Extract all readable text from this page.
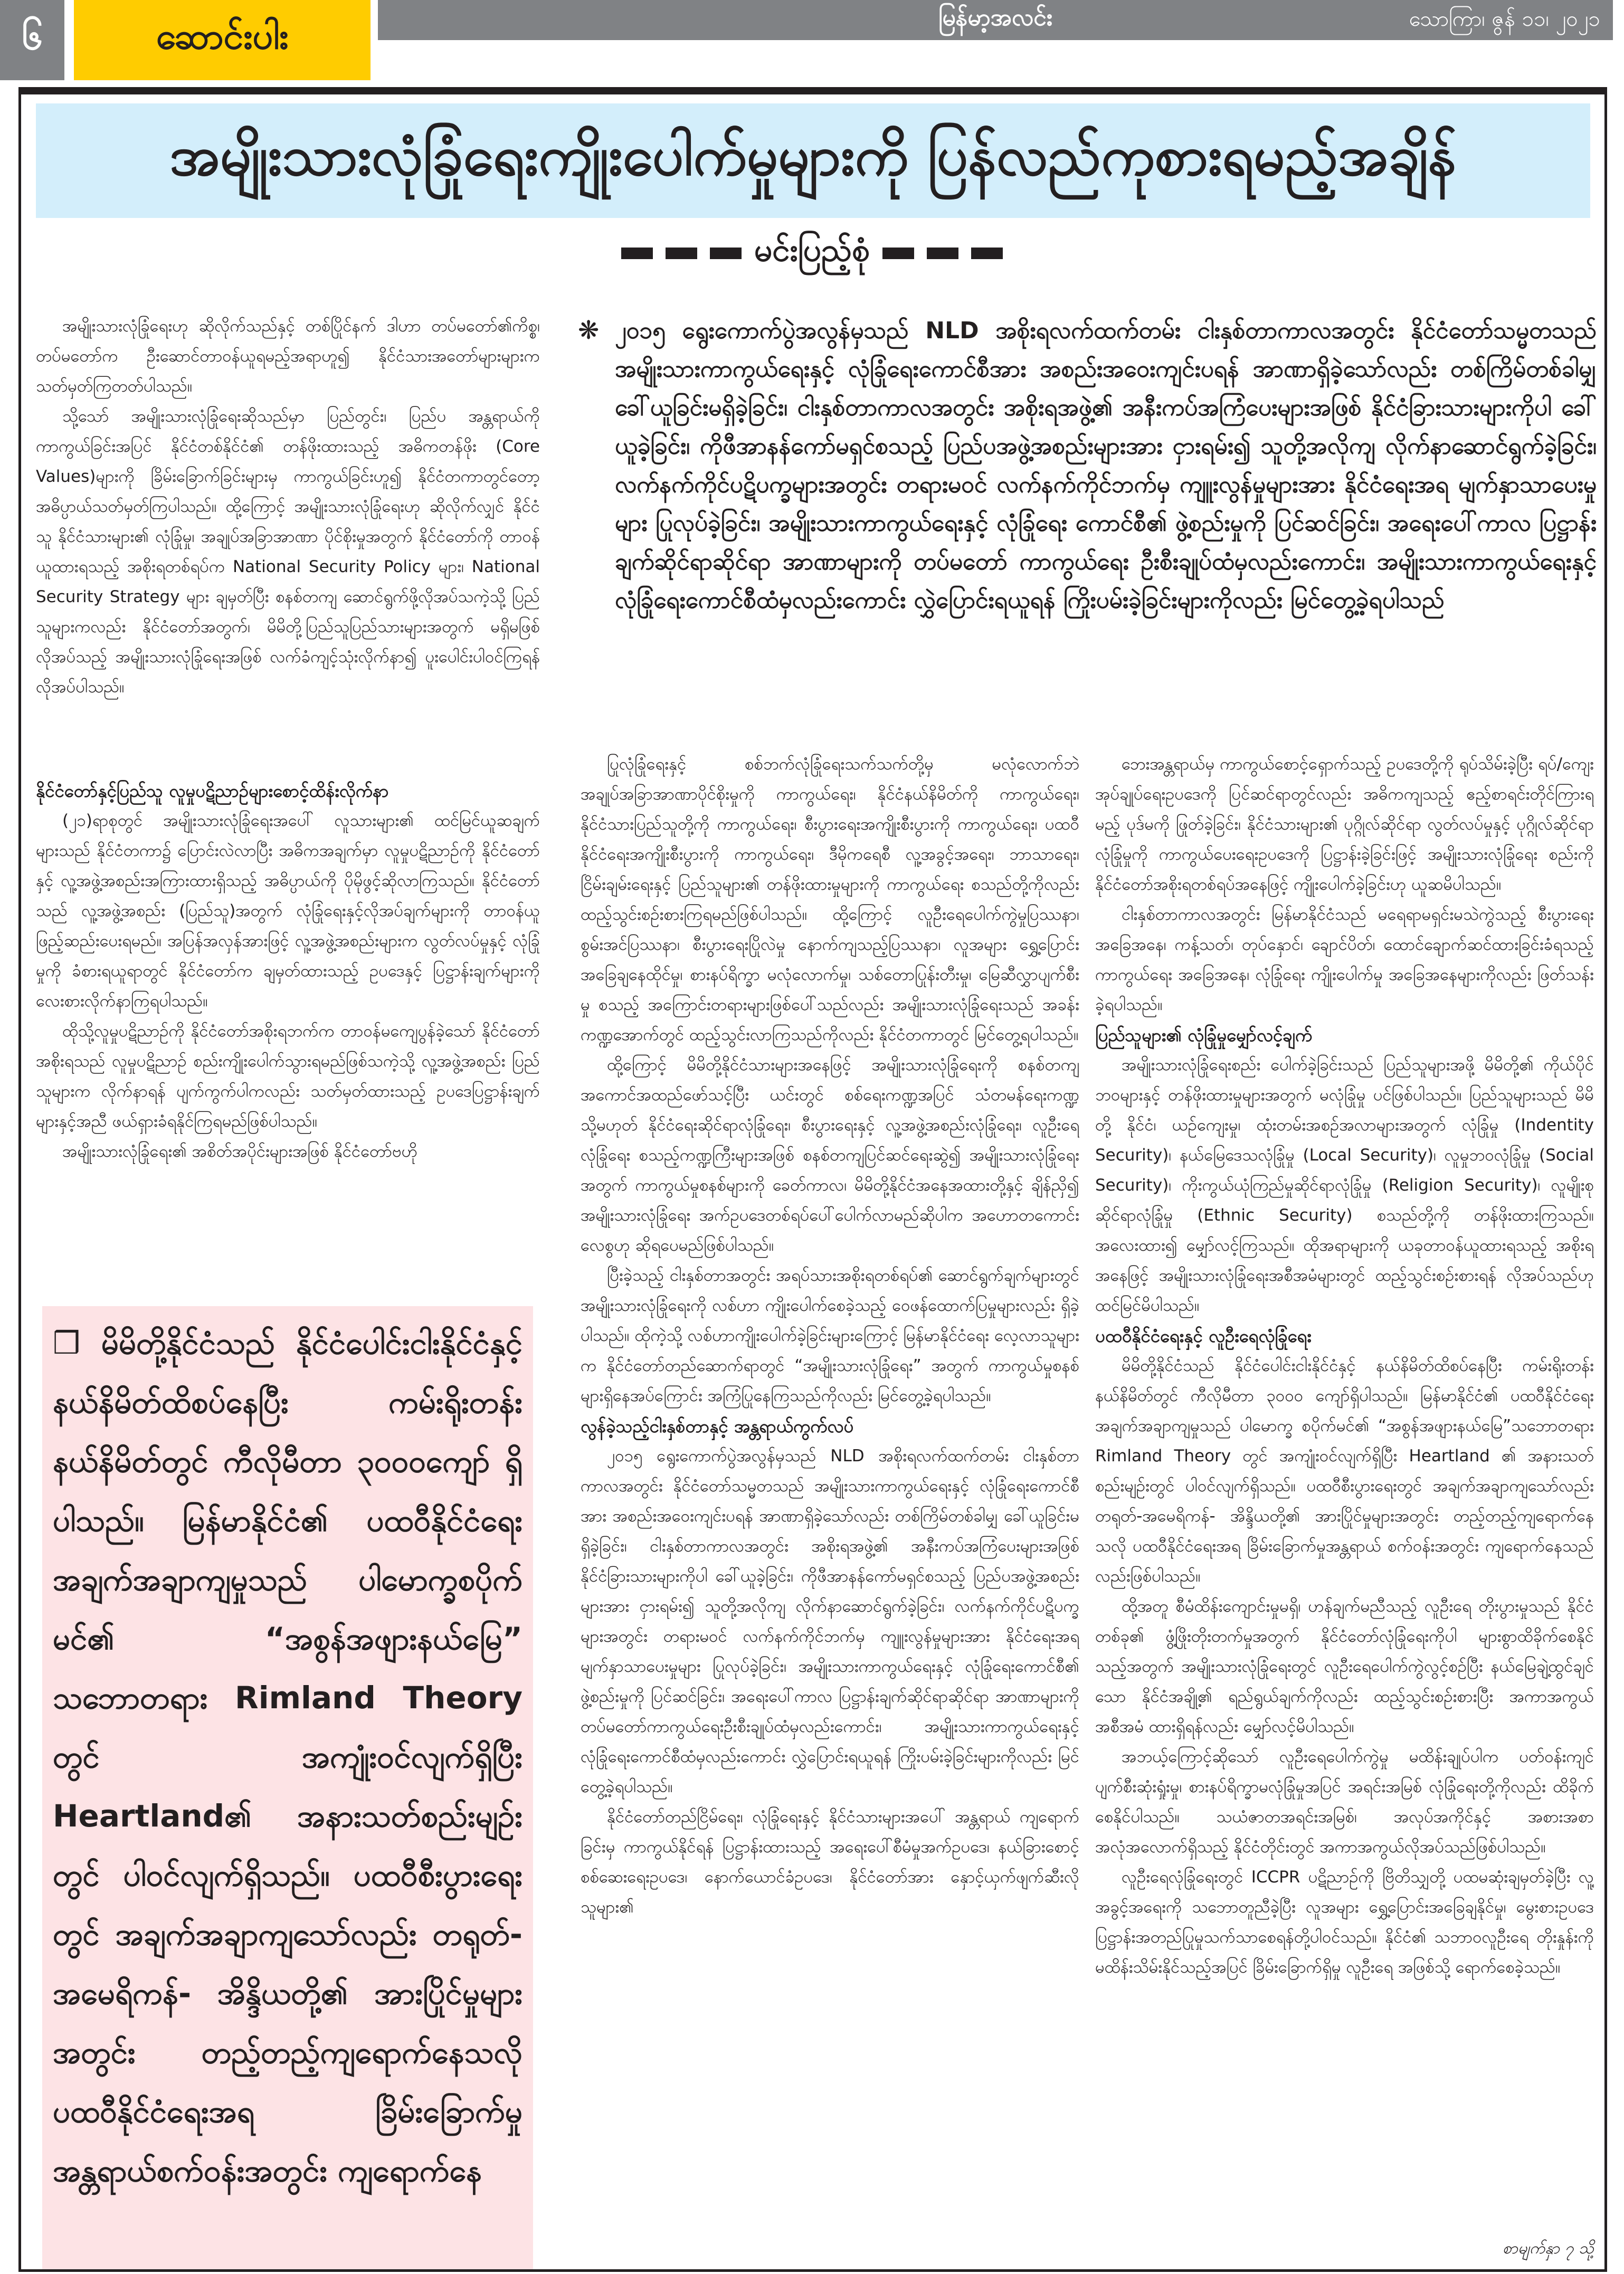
၆	ဆောင်းပါး	မြန်မာ့အလင်း	သောကြာ၊ ဇွန် ၁၁၊ ၂၀၂၁
အမျိုးသားလုံခြုံရေးကျိုးပေါက်မှုများကို ပြန်လည်ကုစားရမည့်အချိန်
မင်းပြည့်စုံ
❋ ၂၀၁၅ ရွေးကောက်ပွဲအလွန်မှသည် NLD အစိုးရလက်ထက်တမ်း ငါးနှစ်တာကာလအတွင်း နိုင်ငံတော်သမ္မတသည် အမျိုးသားကာကွယ်ရေးနှင့် လုံခြုံရေးကောင်စီအား အစည်းအဝေးကျင်းပရန် အာဏာရှိခဲ့သော်လည်း တစ်ကြိမ်တစ်ခါမျှ ခေါ်ယူခြင်းမရှိခဲ့ခြင်း၊ ငါးနှစ်တာကာလအတွင်း အစိုးရအဖွဲ့၏ အနီးကပ်အကြံပေးများအဖြစ် နိုင်ငံခြားသားများကိုပါ ခေါ်ယူခဲ့ခြင်း၊ ကိုဖီအာနန်ကော်မရှင်စသည့် ပြည်ပအဖွဲ့အစည်းများအား ငှားရမ်း၍ သူတို့အလိုကျ လိုက်နာဆောင်ရွက်ခဲ့ခြင်း၊ လက်နက်ကိုင်ပဋိပက္ခများအတွင်း တရားမဝင် လက်နက်ကိုင်ဘက်မှ ကျူးလွန်မှုများအား နိုင်ငံရေးအရ မျက်နှာသာပေးမှုများ ပြုလုပ်ခဲ့ခြင်း၊ အမျိုးသားကာကွယ်ရေးနှင့် လုံခြုံရေး ကောင်စီ၏ ဖွဲ့စည်းမှုကို ပြင်ဆင်ခြင်း၊ အရေးပေါ်ကာလ ပြဋ္ဌာန်းချက်ဆိုင်ရာဆိုင်ရာ အာဏာများကို တပ်မတော် ကာကွယ်ရေး ဦးစီးချုပ်ထံမှလည်းကောင်း၊ အမျိုးသားကာကွယ်ရေးနှင့် လုံခြုံရေးကောင်စီထံမှလည်းကောင်း လွှဲပြောင်းရယူရန် ကြိုးပမ်းခဲ့ခြင်းများကိုလည်း မြင်တွေ့ခဲ့ရပါသည်

အမျိုးသားလုံခြုံရေးဟု ဆိုလိုက်သည်နှင့် တစ်ပြိုင်နက် ဒါဟာ တပ်မတော်၏ကိစ္စ၊ တပ်မတော်က ဦးဆောင်တာဝန်ယူရမည့်အရာဟူ၍ နိုင်ငံသားအတော်များများက သတ်မှတ်ကြတတ်ပါသည်။

သို့သော် အမျိုးသားလုံခြုံရေးဆိုသည်မှာ ပြည်တွင်း၊ ပြည်ပ အန္တရာယ်ကို ကာကွယ်ခြင်းအပြင် နိုင်ငံတစ်နိုင်ငံ၏ တန်ဖိုးထားသည့် အဓိကတန်ဖိုး (Core Values)များကို ခြိမ်းခြောက်ခြင်းများမှ ကာကွယ်ခြင်းဟူ၍ နိုင်ငံတကာတွင်တော့ အဓိပ္ပာယ်သတ်မှတ်ကြပါသည်။ ထို့ကြောင့် အမျိုးသားလုံခြုံရေးဟု ဆိုလိုက်လျှင် နိုင်ငံသူ နိုင်ငံသားများ၏ လုံခြုံမှု၊ အချုပ်အခြာအာဏာ ပိုင်စိုးမှုအတွက် နိုင်ငံတော်ကို တာဝန်ယူထားရသည့် အစိုးရတစ်ရပ်က National Security Policy များ၊ National Security Strategy များ ချမှတ်ပြီး စနစ်တကျ ဆောင်ရွက်ဖို့လိုအပ်သကဲ့သို့ ပြည်သူများကလည်း နိုင်ငံတော်အတွက်၊ မိမိတို့ပြည်သူပြည်သားများအတွက် မရှိမဖြစ် လိုအပ်သည့် အမျိုးသားလုံခြုံရေးအဖြစ် လက်ခံကျင့်သုံးလိုက်နာ၍ ပူးပေါင်းပါဝင်ကြရန် လိုအပ်ပါသည်။

နိုင်ငံတော်နှင့်ပြည်သူ လူမှုပဋိညာဉ်များစောင့်ထိန်းလိုက်နာ

(၂၁)ရာစုတွင် အမျိုးသားလုံခြုံရေးအပေါ် လူသားများ၏ ထင်မြင်ယူဆချက်များသည် နိုင်ငံတကာ၌ ပြောင်းလဲလာပြီး အဓိကအချက်မှာ လူမှုပဋိညာဉ်ကို နိုင်ငံတော်နှင့် လူ့အဖွဲ့အစည်းအကြားထားရှိသည့် အဓိပ္ပာယ်ကို ပိုမိုဖွင့်ဆိုလာကြသည်။ နိုင်ငံတော်သည် လူ့အဖွဲ့အစည်း (ပြည်သူ)အတွက် လုံခြုံရေးနှင့်လိုအပ်ချက်များကို တာဝန်ယူ ဖြည့်ဆည်းပေးရမည်။ အပြန်အလှန်အားဖြင့် လူ့အဖွဲ့အစည်းများက လွတ်လပ်မှုနှင့် လုံခြုံမှုကို ခံစားရယူရာတွင် နိုင်ငံတော်က ချမှတ်ထားသည့် ဥပဒေနှင့် ပြဋ္ဌာန်းချက်များကို လေးစားလိုက်နာကြရပါသည်။

ထိုသို့လူမှုပဋိညာဉ်ကို နိုင်ငံတော်အစိုးရဘက်က တာဝန်မကျေပွန်ခဲ့သော် နိုင်ငံတော်အစိုးရသည် လူမှုပဋိညာဉ် စည်းကျိုးပေါက်သွားရမည်ဖြစ်သကဲ့သို့ လူ့အဖွဲ့အစည်း ပြည်သူများက လိုက်နာရန် ပျက်ကွက်ပါကလည်း သတ်မှတ်ထားသည့် ဥပဒေပြဋ္ဌာန်းချက်များနှင့်အညီ ဖယ်ရှားခံရနိုင်ကြရမည်ဖြစ်ပါသည်။

အမျိုးသားလုံခြုံရေး၏ အစိတ်အပိုင်းများအဖြစ် နိုင်ငံတော်ဗဟို

❒ မိမိတို့နိုင်ငံသည် နိုင်ငံပေါင်းငါးနိုင်ငံနှင့် နယ်နိမိတ်ထိစပ်နေပြီး ကမ်းရိုးတန်းနယ်နိမိတ်တွင် ကီလိုမီတာ ၃၀၀၀ကျော် ရှိပါသည်။ မြန်မာနိုင်ငံ၏ ပထဝီနိုင်ငံရေး အချက်အချာကျမှုသည် ပါမောက္ခစပိုက်မင်၏ “အစွန်အဖျားနယ်မြေ” သဘောတရား Rimland Theory တွင် အကျုံးဝင်လျက်ရှိပြီး Heartland၏ အနားသတ်စည်းမျဉ်းတွင် ပါဝင်လျက်ရှိသည်။ ပထဝီစီးပွားရေးတွင် အချက်အချာကျသော်လည်း တရုတ်- အမေရိကန်- အိန္ဒိယတို့၏ အားပြိုင်မှုများအတွင်း တည့်တည့်ကျရောက်နေသလို ပထဝီနိုင်ငံရေးအရ ခြိမ်းခြောက်မှု အန္တရာယ်စက်ဝန်းအတွင်း ကျရောက်နေ

ပြုလုံခြုံရေးနှင့် စစ်ဘက်လုံခြုံရေးသက်သက်တို့မှ မလုံလောက်ဘဲ အချုပ်အခြာအာဏာပိုင်စိုးမှုကို ကာကွယ်ရေး၊ နိုင်ငံနယ်နိမိတ်ကို ကာကွယ်ရေး၊ နိုင်ငံသားပြည်သူတို့ကို ကာကွယ်ရေး၊ စီးပွားရေးအကျိုးစီးပွားကို ကာကွယ်ရေး၊ ပထဝီနိုင်ငံရေးအကျိုးစီးပွားကို ကာကွယ်ရေး၊ ဒီမိုကရေစီ လူ့အခွင့်အရေး၊ ဘာသာရေး၊ ငြိမ်းချမ်းရေးနှင့် ပြည်သူများ၏ တန်ဖိုးထားမှုများကို ကာကွယ်ရေး စသည်တို့ကိုလည်း ထည့်သွင်းစဉ်းစားကြရမည်ဖြစ်ပါသည်။ ထို့ကြောင့် လူဦးရေပေါက်ကွဲမှုပြဿနာ၊ စွမ်းအင်ပြဿနာ၊ စီးပွားရေးပြိုလဲမှု နောက်ကျသည့်ပြဿနာ၊ လူအများ ရွှေ့ပြောင်းအခြေချနေထိုင်မှု၊ စားနပ်ရိက္ခာ မလုံလောက်မှု၊ သစ်တောပြုန်းတီးမှု၊ မြေဆီလွှာပျက်စီးမှု စသည့် အကြောင်းတရားများဖြစ်ပေါ်သည်လည်း အမျိုးသားလုံခြုံရေးသည် အခန်းကဏ္ဍအောက်တွင် ထည့်သွင်းလာကြသည်ကိုလည်း နိုင်ငံတကာတွင် မြင်တွေ့ရပါသည်။

ထို့ကြောင့် မိမိတို့နိုင်ငံသားများအနေဖြင့် အမျိုးသားလုံခြုံရေးကို စနစ်တကျ အကောင်အထည်ဖော်သင့်ပြီး ယင်းတွင် စစ်ရေးကဏ္ဍအပြင် သံတမန်ရေးကဏ္ဍ သို့မဟုတ် နိုင်ငံရေးဆိုင်ရာလုံခြုံရေး၊ စီးပွားရေးနှင့် လူ့အဖွဲ့အစည်းလုံခြုံရေး၊ လူဦးရေ လုံခြုံရေး စသည့်ကဏ္ဍကြီးများအဖြစ် စနစ်တကျပြင်ဆင်ရေးဆွဲ၍ အမျိုးသားလုံခြုံရေးအတွက် ကာကွယ်မှုစနစ်များကို ခေတ်ကာလ၊ မိမိတို့နိုင်ငံအနေအထားတို့နှင့် ချိန်ညှိ၍ အမျိုးသားလုံခြုံရေး အက်ဥပဒေတစ်ရပ်ပေါ်ပေါက်လာမည်ဆိုပါက အဟောတကောင်းလေစွဟု ဆိုရပေမည်ဖြစ်ပါသည်။

ပြီးခဲ့သည့် ငါးနှစ်တာအတွင်း အရပ်သားအစိုးရတစ်ရပ်၏ ဆောင်ရွက်ချက်များတွင် အမျိုးသားလုံခြုံရေးကို လစ်ဟာ ကျိုးပေါက်စေခဲ့သည့် ဝေဖန်ထောက်ပြမှုများလည်း ရှိခဲ့ပါသည်။ ထိုကဲ့သို့ လစ်ဟာကျိုးပေါက်ခဲ့ခြင်းများကြောင့် မြန်မာနိုင်ငံရေး လေ့လာသူများက နိုင်ငံတော်တည်ဆောက်ရာတွင် “အမျိုးသားလုံခြုံရေး” အတွက် ကာကွယ်မှုစနစ်များရှိနေအပ်ကြောင်း အကြံပြုနေကြသည်ကိုလည်း မြင်တွေ့ခဲ့ရပါသည်။

လွန်ခဲ့သည့်ငါးနှစ်တာနှင့် အန္တရာယ်ကွက်လပ်

၂၀၁၅ ရွေးကောက်ပွဲအလွန်မှသည် NLD အစိုးရလက်ထက်တမ်း ငါးနှစ်တာကာလအတွင်း နိုင်ငံတော်သမ္မတသည် အမျိုးသားကာကွယ်ရေးနှင့် လုံခြုံရေးကောင်စီအား အစည်းအဝေးကျင်းပရန် အာဏာရှိခဲ့သော်လည်း တစ်ကြိမ်တစ်ခါမျှ ခေါ်ယူခြင်းမရှိခဲ့ခြင်း၊ ငါးနှစ်တာကာလအတွင်း အစိုးရအဖွဲ့၏ အနီးကပ်အကြံပေးများအဖြစ် နိုင်ငံခြားသားများကိုပါ ခေါ်ယူခဲ့ခြင်း၊ ကိုဖီအာနန်ကော်မရှင်စသည့် ပြည်ပအဖွဲ့အစည်းများအား ငှားရမ်း၍ သူတို့အလိုကျ လိုက်နာဆောင်ရွက်ခဲ့ခြင်း၊ လက်နက်ကိုင်ပဋိပက္ခများအတွင်း တရားမဝင် လက်နက်ကိုင်ဘက်မှ ကျူးလွန်မှုများအား နိုင်ငံရေးအရ မျက်နှာသာပေးမှုများ ပြုလုပ်ခဲ့ခြင်း၊ အမျိုးသားကာကွယ်ရေးနှင့် လုံခြုံရေးကောင်စီ၏ ဖွဲ့စည်းမှုကို ပြင်ဆင်ခြင်း၊ အရေးပေါ်ကာလ ပြဋ္ဌာန်းချက်ဆိုင်ရာဆိုင်ရာ အာဏာများကို တပ်မတော်ကာကွယ်ရေးဦးစီးချုပ်ထံမှလည်းကောင်း၊ အမျိုးသားကာကွယ်ရေးနှင့် လုံခြုံရေးကောင်စီထံမှလည်းကောင်း လွှဲပြောင်းရယူရန် ကြိုးပမ်းခဲ့ခြင်းများကိုလည်း မြင်တွေ့ခဲ့ရပါသည်။

နိုင်ငံတော်တည်ငြိမ်ရေး၊ လုံခြုံရေးနှင့် နိုင်ငံသားများအပေါ် အန္တရာယ် ကျရောက်ခြင်းမှ ကာကွယ်နိုင်ရန် ပြဋ္ဌာန်းထားသည့် အရေးပေါ်စီမံမှုအက်ဥပဒေ၊ နယ်ခြားစောင့်စစ်ဆေးရေးဥပဒေ၊ နောက်ယောင်ခံဥပဒေ၊ နိုင်ငံတော်အား နှောင့်ယှက်ဖျက်ဆီးလိုသူများ၏

ဘေးအန္တရာယ်မှ ကာကွယ်စောင့်ရှောက်သည့် ဥပဒေတို့ကို ရုပ်သိမ်းခဲ့ပြီး ရပ်/ကျေးအုပ်ချုပ်ရေးဥပဒေကို ပြင်ဆင်ရာတွင်လည်း အဓိကကျသည့် ဧည့်စာရင်းတိုင်ကြားရမည့် ပုဒ်မကို ဖြုတ်ခဲ့ခြင်း၊ နိုင်ငံသားများ၏ ပုဂ္ဂိုလ်ဆိုင်ရာ လွတ်လပ်မှုနှင့် ပုဂ္ဂိုလ်ဆိုင်ရာ လုံခြုံမှုကို ကာကွယ်ပေးရေးဥပဒေကို ပြဋ္ဌာန်းခဲ့ခြင်းဖြင့် အမျိုးသားလုံခြုံရေး စည်းကို နိုင်ငံတော်အစိုးရတစ်ရပ်အနေဖြင့် ကျိုးပေါက်ခဲ့ခြင်းဟု ယူဆမိပါသည်။

ငါးနှစ်တာကာလအတွင်း မြန်မာနိုင်ငံသည် မရေရာမရှင်းမသဲကွဲသည့် စီးပွားရေး အခြေအနေ၊ ကန့်သတ်၊ တုပ်နှောင်၊ ချောင်ပိတ်၊ ထောင်ချောက်ဆင်ထားခြင်းခံရသည့် ကာကွယ်ရေး အခြေအနေ၊ လုံခြုံရေး ကျိုးပေါက်မှု အခြေအနေများကိုလည်း ဖြတ်သန်းခဲ့ရပါသည်။

ပြည်သူများ၏ လုံခြုံမှုမျှော်လင့်ချက်

အမျိုးသားလုံခြုံရေးစည်း ပေါက်ခဲ့ခြင်းသည် ပြည်သူများအဖို့ မိမိတို့၏ ကိုယ်ပိုင်ဘဝများနှင့် တန်ဖိုးထားမှုများအတွက် မလုံခြုံမှု ပင်ဖြစ်ပါသည်။ ပြည်သူများသည် မိမိတို့ နိုင်ငံ၊ ယဉ်ကျေးမှု၊ ထုံးတမ်းအစဉ်အလာများအတွက် လုံခြုံမှု (Indentity Security)၊ နယ်မြေဒေသလုံခြုံမှု (Local Security)၊ လူမှုဘဝလုံခြုံမှု (Social Security)၊ ကိုးကွယ်ယုံကြည်မှုဆိုင်ရာလုံခြုံမှု (Religion Security)၊ လူမျိုးစုဆိုင်ရာလုံခြုံမှု (Ethnic Security) စသည်တို့ကို တန်ဖိုးထားကြသည်။ အလေးထား၍ မျှော်လင့်ကြသည်။ ထိုအရာများကို ယခုတာဝန်ယူထားရသည့် အစိုးရအနေဖြင့် အမျိုးသားလုံခြုံရေးအစီအမံများတွင် ထည့်သွင်းစဉ်းစားရန် လိုအပ်သည်ဟု ထင်မြင်မိပါသည်။

ပထဝီနိုင်ငံရေးနှင့် လူဦးရေလုံခြုံရေး

မိမိတို့နိုင်ငံသည် နိုင်ငံပေါင်းငါးနိုင်ငံနှင့် နယ်နိမိတ်ထိစပ်နေပြီး ကမ်းရိုးတန်းနယ်နိမိတ်တွင် ကီလိုမီတာ ၃၀၀၀ ကျော်ရှိပါသည်။ မြန်မာနိုင်ငံ၏ ပထဝီနိုင်ငံရေးအချက်အချာကျမှုသည် ပါမောက္ခ စပိုက်မင်၏ “အစွန်အဖျားနယ်မြေ”သဘောတရား Rimland Theory တွင် အကျုံးဝင်လျက်ရှိပြီး Heartland ၏ အနားသတ်စည်းမျဉ်းတွင် ပါဝင်လျက်ရှိသည်။ ပထဝီစီးပွားရေးတွင် အချက်အချာကျသော်လည်း တရုတ်-အမေရိကန်- အိန္ဒိယတို့၏ အားပြိုင်မှုများအတွင်း တည့်တည့်ကျရောက်နေသလို ပထဝီနိုင်ငံရေးအရ ခြိမ်းခြောက်မှုအန္တရာယ် စက်ဝန်းအတွင်း ကျရောက်နေသည်လည်းဖြစ်ပါသည်။

ထို့အတူ စီမံထိန်းကျောင်းမှုမရှိ၊ ဟန်ချက်မညီသည့် လူဦးရေ တိုးပွားမှုသည် နိုင်ငံတစ်ခု၏ ဖွံ့ဖြိုးတိုးတက်မှုအတွက် နိုင်ငံတော်လုံခြုံရေးကိုပါ များစွာထိခိုက်စေနိုင်သည့်အတွက် အမျိုးသားလုံခြုံရေးတွင် လူဦးရေပေါက်ကွဲလွင့်စဉ်ပြီး နယ်မြေချဲ့ထွင်ချင်သော နိုင်ငံအချို့၏ ရည်ရွယ်ချက်ကိုလည်း ထည့်သွင်းစဉ်းစားပြီး အကာအကွယ်အစီအမံ ထားရှိရန်လည်း မျှော်လင့်မိပါသည်။

အဘယ့်ကြောင့်ဆိုသော် လူဦးရေပေါက်ကွဲမှု မထိန်းချုပ်ပါက ပတ်ဝန်းကျင်ပျက်စီးဆုံးရှုံးမှု၊ စားနပ်ရိက္ခာမလုံခြုံမှုအပြင် အရင်းအမြစ် လုံခြုံရေးတို့ကိုလည်း ထိခိုက်စေနိုင်ပါသည်။ သယံဇာတအရင်းအမြစ်၊ အလုပ်အကိုင်နှင့် အစားအစာ အလုံအလောက်ရှိသည့် နိုင်ငံတိုင်းတွင် အကာအကွယ်လိုအပ်သည်ဖြစ်ပါသည်။

လူဦးရေလုံခြုံရေးတွင် ICCPR ပဋိညာဉ်ကို ဗြိတိသျှတို့ ပထမဆုံးချမှတ်ခဲ့ပြီး လူ့အခွင့်အရေးကို သဘောတူညီခဲ့ပြီး လူအများ ရွှေ့ပြောင်းအခြေချနိုင်မှု၊ မွေးစားဥပဒေ ပြဋ္ဌာန်းအတည်ပြုမှုသက်သာစေရန်တို့ပါဝင်သည်။ နိုင်ငံ၏ သဘာဝလူဦးရေ တိုးနှုန်းကို မထိန်းသိမ်းနိုင်သည့်အပြင် ခြိမ်းခြောက်ရှိမှု လူဦးရေ အဖြစ်သို့ ရောက်စေခဲ့သည်။

စာမျက်နှာ ၇ သို့
